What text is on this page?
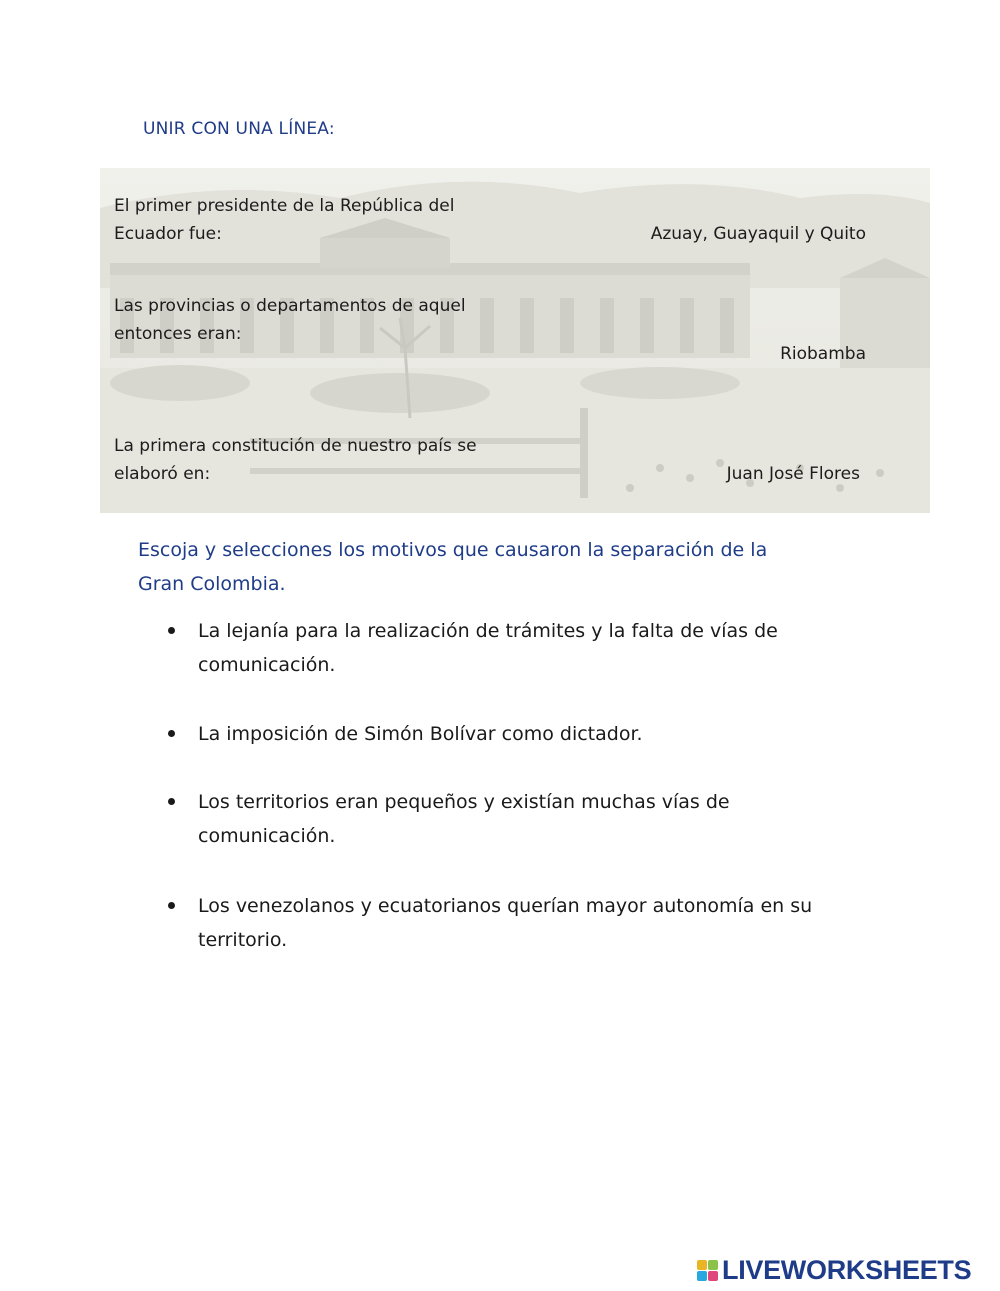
UNIR CON UNA LÍNEA:
El primer presidente de la República del
Ecuador fue:
Las provincias o departamentos de aquel
entonces eran:
La primera constitución de nuestro país se
elaboró en:
Azuay, Guayaquil y Quito
Riobamba
Juan José Flores
Escoja y selecciones los motivos que causaron la separación de la
Gran Colombia.
La lejanía para la realización de trámites y la falta de vías de
comunicación.
La imposición de Simón Bolívar como dictador.
Los territorios eran pequeños y existían muchas vías de
comunicación.
Los venezolanos y ecuatorianos querían mayor autonomía en su
territorio.
LIVEWORKSHEETS
